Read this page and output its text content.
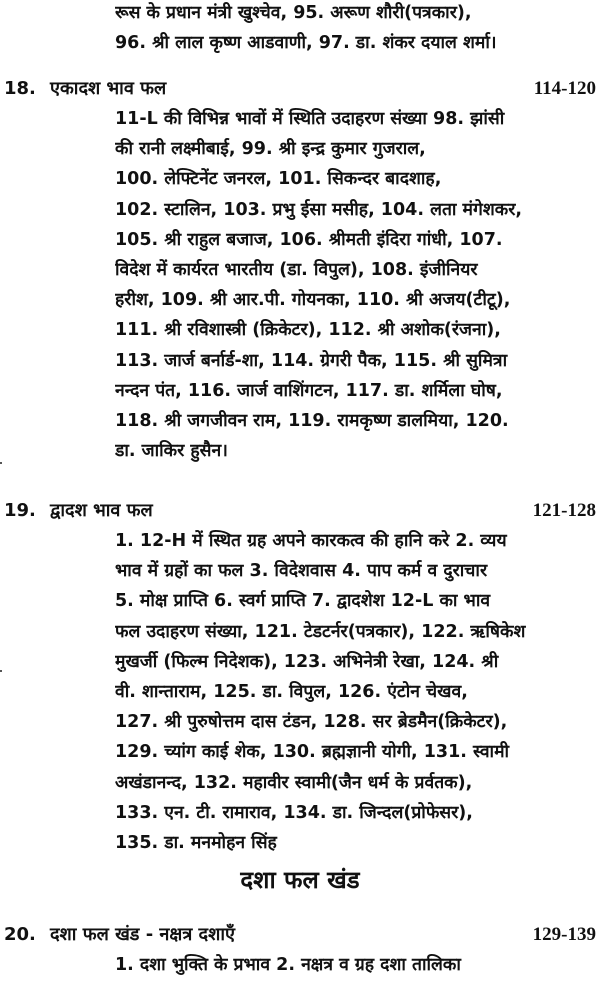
रूस के प्रधान मंत्री खुश्चेव, 95. अरूण शौरी(पत्रकार),
96. श्री लाल कृष्ण आडवाणी, 97. डा. शंकर दयाल शर्मा।
18. एकादश भाव फल	114-120
11-L की विभिन्न भावों में स्थिति उदाहरण संख्या 98. झांसी
की रानी लक्ष्मीबाई, 99. श्री इन्द्र कुमार गुजराल,
100. लेफ्टिनेंट जनरल, 101. सिकन्दर बादशाह,
102. स्टालिन, 103. प्रभु ईसा मसीह, 104. लता मंगेशकर,
105. श्री राहुल बजाज, 106. श्रीमती इंदिरा गांधी, 107.
विदेश में कार्यरत भारतीय (डा. विपुल), 108. इंजीनियर
हरीश, 109. श्री आर.पी. गोयनका, 110. श्री अजय(टीटू),
111. श्री रविशास्त्री (क्रिकेटर), 112. श्री अशोक(रंजना),
113. जार्ज बर्नार्ड-शा, 114. ग्रेगरी पैक, 115. श्री सुमित्रा
नन्दन पंत, 116. जार्ज वाशिंगटन, 117. डा. शर्मिला घोष,
118. श्री जगजीवन राम, 119. रामकृष्ण डालमिया, 120.
डा. जाकिर हुसैन।
19. द्वादश भाव फल	121-128
1. 12-H में स्थित ग्रह अपने कारकत्व की हानि करे 2. व्यय
भाव में ग्रहों का फल 3. विदेशवास 4. पाप कर्म व दुराचार
5. मोक्ष प्राप्ति 6. स्वर्ग प्राप्ति 7. द्वादशेश 12-L का भाव
फल उदाहरण संख्या, 121. टेडटर्नर(पत्रकार), 122. ऋषिकेश
मुखर्जी (फिल्म निदेशक), 123. अभिनेत्री रेखा, 124. श्री
वी. शान्ताराम, 125. डा. विपुल, 126. एंटोन चेखव,
127. श्री पुरुषोत्तम दास टंडन, 128. सर ब्रेडमैन(क्रिकेटर),
129. च्यांग काई शेक, 130. ब्रह्मज्ञानी योगी, 131. स्वामी
अखंडानन्द, 132. महावीर स्वामी(जैन धर्म के प्रर्वतक),
133. एन. टी. रामाराव, 134. डा. जिन्दल(प्रोफेसर),
135. डा. मनमोहन सिंह
दशा फल खंड
20. दशा फल खंड - नक्षत्र दशाएँ	129-139
1. दशा भुक्ति के प्रभाव 2. नक्षत्र व ग्रह दशा तालिका
